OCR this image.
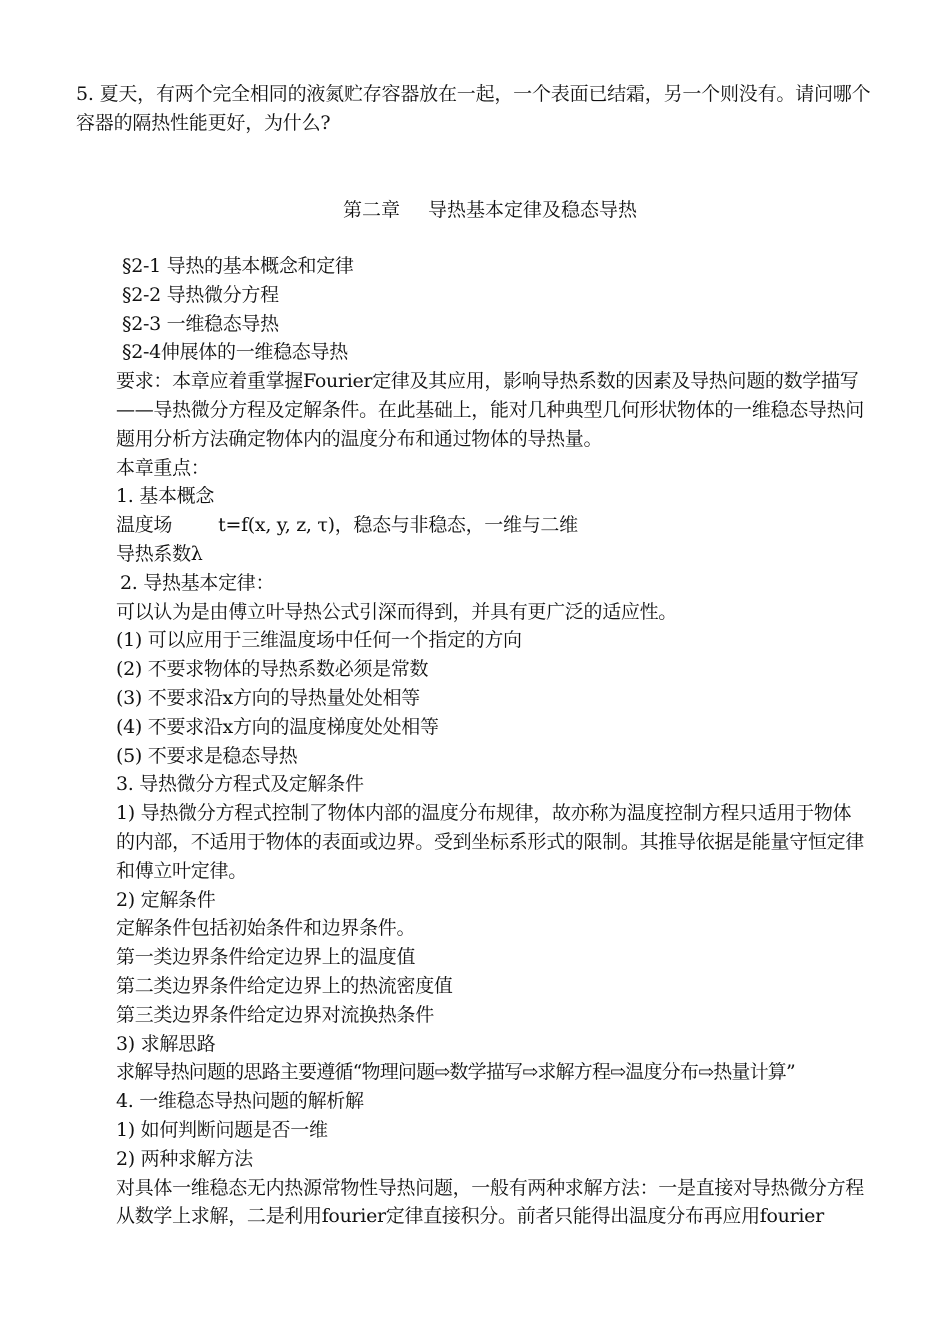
5. 夏天，有两个完全相同的液氮贮存容器放在一起，一个表面已结霜，另一个则没有。请问哪个容器的隔热性能更好，为什么?
第二章 导热基本定律及稳态导热
§2-1 导热的基本概念和定律
§2-2 导热微分方程
§2-3 一维稳态导热
§2-4伸展体的一维稳态导热
要求：本章应着重掌握Fourier定律及其应用，影响导热系数的因素及导热问题的数学描写——导热微分方程及定解条件。在此基础上，能对几种典型几何形状物体的一维稳态导热问题用分析方法确定物体内的温度分布和通过物体的导热量。
本章重点：
1. 基本概念
温度场 t=f(x, y, z, τ)，稳态与非稳态，一维与二维
导热系数λ
2. 导热基本定律：
可以认为是由傅立叶导热公式引深而得到，并具有更广泛的适应性。
(1) 可以应用于三维温度场中任何一个指定的方向
(2) 不要求物体的导热系数必须是常数
(3) 不要求沿x方向的导热量处处相等
(4) 不要求沿x方向的温度梯度处处相等
(5) 不要求是稳态导热
3. 导热微分方程式及定解条件
1) 导热微分方程式控制了物体内部的温度分布规律，故亦称为温度控制方程只适用于物体的内部，不适用于物体的表面或边界。受到坐标系形式的限制。其推导依据是能量守恒定律和傅立叶定律。
2) 定解条件
定解条件包括初始条件和边界条件。
第一类边界条件给定边界上的温度值
第二类边界条件给定边界上的热流密度值
第三类边界条件给定边界对流换热条件
3) 求解思路
求解导热问题的思路主要遵循“物理问题⇨数学描写⇨求解方程⇨温度分布⇨热量计算”
4. 一维稳态导热问题的解析解
1) 如何判断问题是否一维
2) 两种求解方法
对具体一维稳态无内热源常物性导热问题，一般有两种求解方法：一是直接对导热微分方程从数学上求解，二是利用fourier定律直接积分。前者只能得出温度分布再应用fourier
